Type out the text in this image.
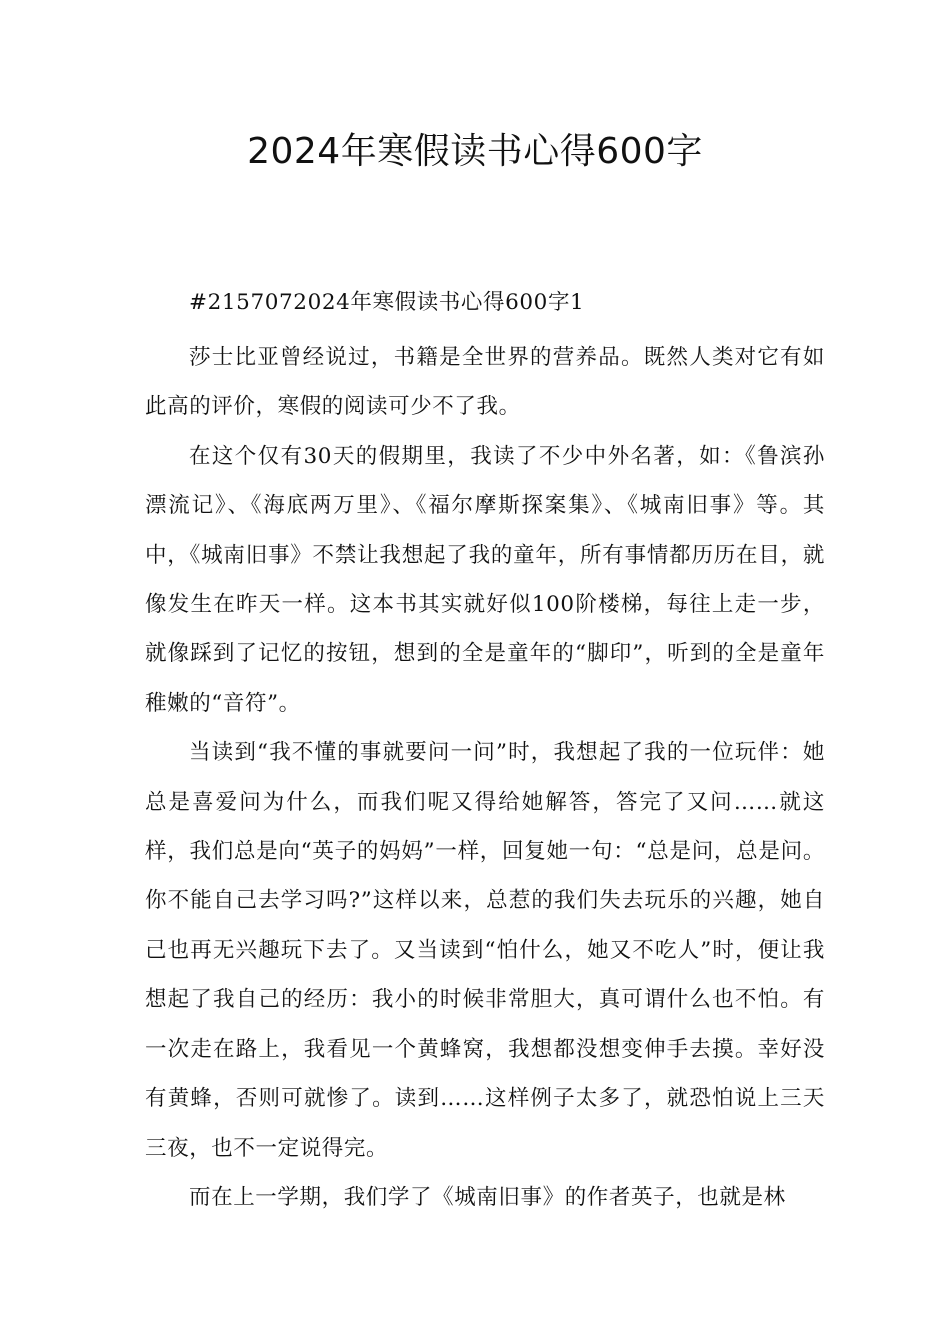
2024年寒假读书心得600字

#2157072024年寒假读书心得600字1

莎士比亚曾经说过，书籍是全世界的营养品。既然人类对它有如此高的评价，寒假的阅读可少不了我。

在这个仅有30天的假期里，我读了不少中外名著，如：《鲁滨孙漂流记》、《海底两万里》、《福尔摩斯探案集》、《城南旧事》等。其中，《城南旧事》不禁让我想起了我的童年，所有事情都历历在目，就像发生在昨天一样。这本书其实就好似100阶楼梯，每往上走一步，就像踩到了记忆的按钮，想到的全是童年的“脚印”，听到的全是童年稚嫩的“音符”。

当读到“我不懂的事就要问一问”时，我想起了我的一位玩伴：她总是喜爱问为什么，而我们呢又得给她解答，答完了又问……就这样，我们总是向“英子的妈妈”一样，回复她一句：“总是问，总是问。你不能自己去学习吗?”这样以来，总惹的我们失去玩乐的兴趣，她自己也再无兴趣玩下去了。又当读到“怕什么，她又不吃人”时，便让我想起了我自己的经历：我小的时候非常胆大，真可谓什么也不怕。有一次走在路上，我看见一个黄蜂窝，我想都没想变伸手去摸。幸好没有黄蜂，否则可就惨了。读到……这样例子太多了，就恐怕说上三天三夜，也不一定说得完。

而在上一学期，我们学了《城南旧事》的作者英子，也就是林
